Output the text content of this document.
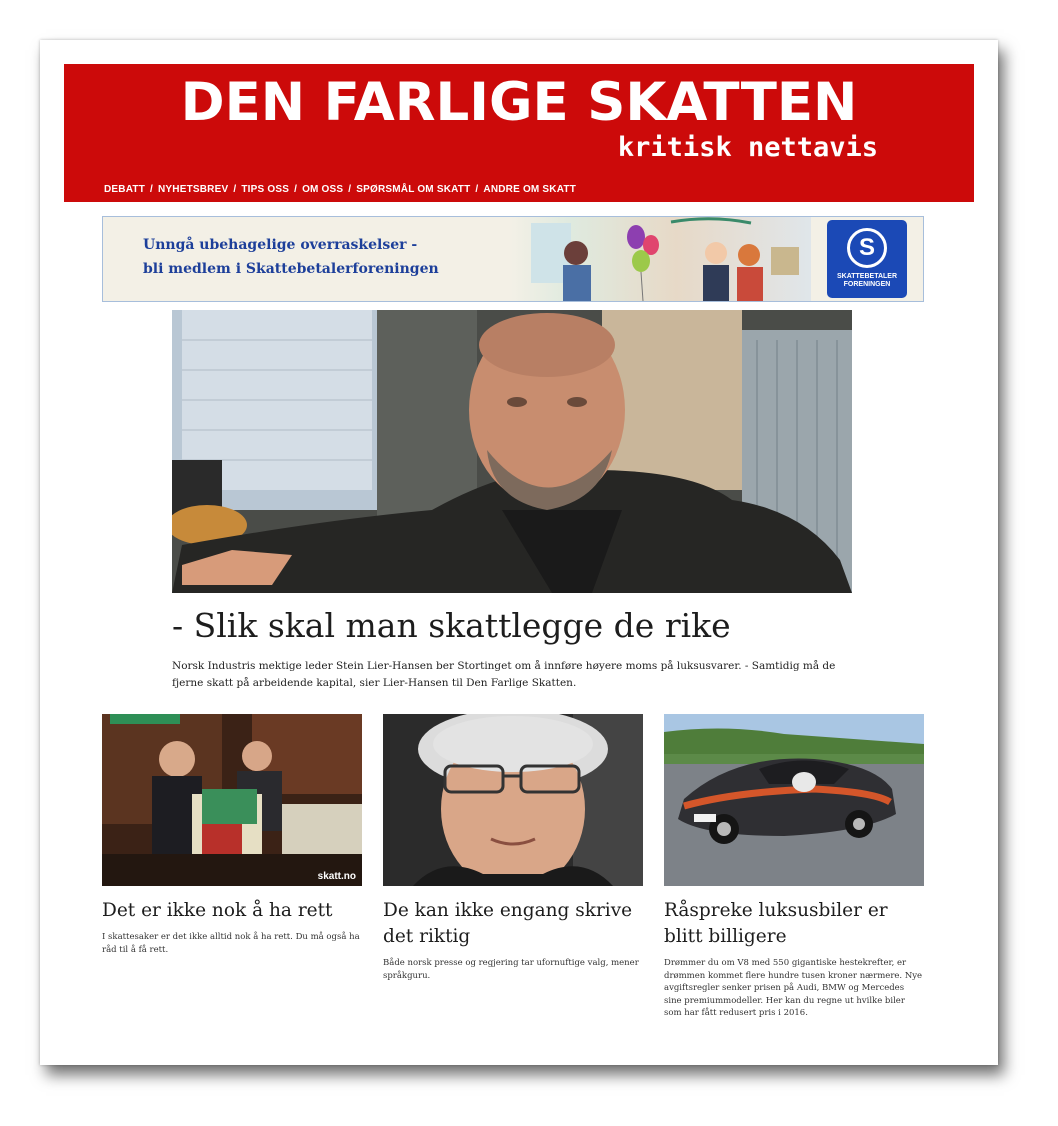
DEN FARLIGE SKATTEN
kritisk nettavis
DEBATT / NYHETSBREV / TIPS OSS / OM OSS / SPØRSMÅL OM SKATT / ANDRE OM SKATT
Unngå ubehagelige overraskelser -
bli medlem i Skattebetalerforeningen
S
SKATTEBETALER
FORENINGEN
- Slik skal man skattlegge de rike
Norsk Industris mektige leder Stein Lier-Hansen ber Stortinget om å innføre høyere moms på luksusvarer. - Samtidig må de fjerne skatt på arbeidende kapital, sier Lier-Hansen til Den Farlige Skatten.
skatt.no
Det er ikke nok å ha rett
I skattesaker er det ikke alltid nok å ha rett. Du må også ha råd til å få rett.
De kan ikke engang skrive det riktig
Både norsk presse og regjering tar ufornuftige valg, mener språkguru.
Råspreke luksusbiler er blitt billigere
Drømmer du om V8 med 550 gigantiske hestekrefter, er drømmen kommet flere hundre tusen kroner nærmere. Nye avgiftsregler senker prisen på Audi, BMW og Mercedes sine premiummodeller. Her kan du regne ut hvilke biler som har fått redusert pris i 2016.
